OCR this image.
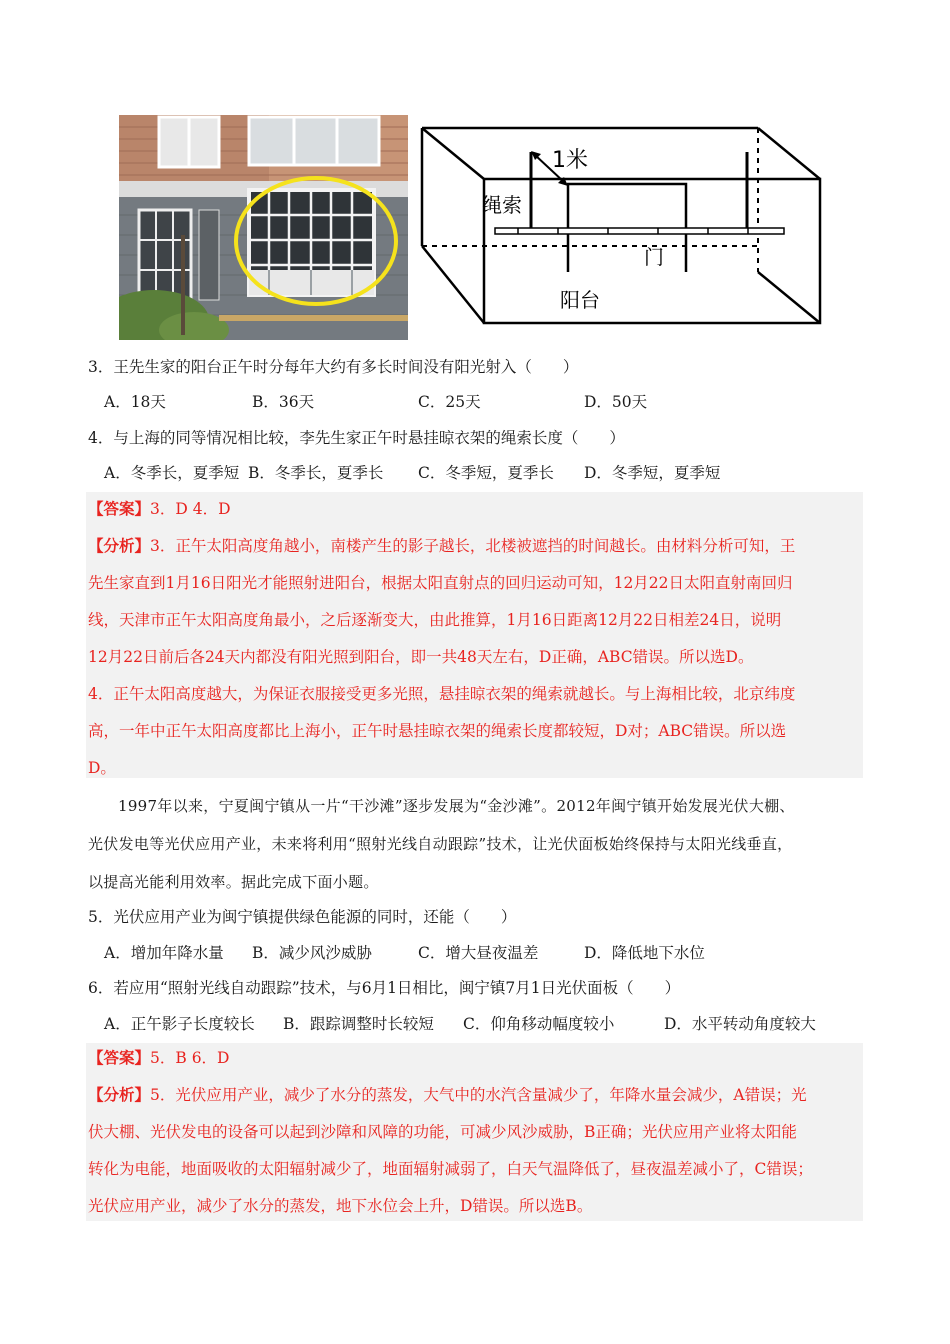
1米
绳索
门
阳台
3．王先生家的阳台正午时分每年大约有多长时间没有阳光射入（　　）
A．18天	B．36天	C．25天	D．50天
4．与上海的同等情况相比较，李先生家正午时悬挂晾衣架的绳索长度（　　）
A．冬季长，夏季短 B．冬季长，夏季长 C．冬季短，夏季长 D．冬季短，夏季短
【答案】3．D 4．D
【分析】3．正午太阳高度角越小，南楼产生的影子越长，北楼被遮挡的时间越长。由材料分析可知，王
先生家直到1月16日阳光才能照射进阳台，根据太阳直射点的回归运动可知，12月22日太阳直射南回归
线，天津市正午太阳高度角最小，之后逐渐变大，由此推算，1月16日距离12月22日相差24日，说明
12月22日前后各24天内都没有阳光照到阳台，即一共48天左右，D正确，ABC错误。所以选D。
4．正午太阳高度越大，为保证衣服接受更多光照，悬挂晾衣架的绳索就越长。与上海相比较，北京纬度
高，一年中正午太阳高度都比上海小，正午时悬挂晾衣架的绳索长度都较短，D对；ABC错误。所以选
D。
1997年以来，宁夏闽宁镇从一片“干沙滩”逐步发展为“金沙滩”。2012年闽宁镇开始发展光伏大棚、
光伏发电等光伏应用产业，未来将利用“照射光线自动跟踪”技术，让光伏面板始终保持与太阳光线垂直，
以提高光能利用效率。据此完成下面小题。
5．光伏应用产业为闽宁镇提供绿色能源的同时，还能（　　）
A．增加年降水量 B．减少风沙威胁	C．增大昼夜温差	D．降低地下水位
6．若应用“照射光线自动跟踪”技术，与6月1日相比，闽宁镇7月1日光伏面板（　　）
A．正午影子长度较长 B．跟踪调整时长较短 C．仰角移动幅度较小	D．水平转动角度较大
【答案】5．B 6．D
【分析】5．光伏应用产业，减少了水分的蒸发，大气中的水汽含量减少了，年降水量会减少，A错误；光
伏大棚、光伏发电的设备可以起到沙障和风障的功能，可减少风沙威胁，B正确；光伏应用产业将太阳能
转化为电能，地面吸收的太阳辐射减少了，地面辐射减弱了，白天气温降低了，昼夜温差减小了，C错误；
光伏应用产业，减少了水分的蒸发，地下水位会上升，D错误。所以选B。
